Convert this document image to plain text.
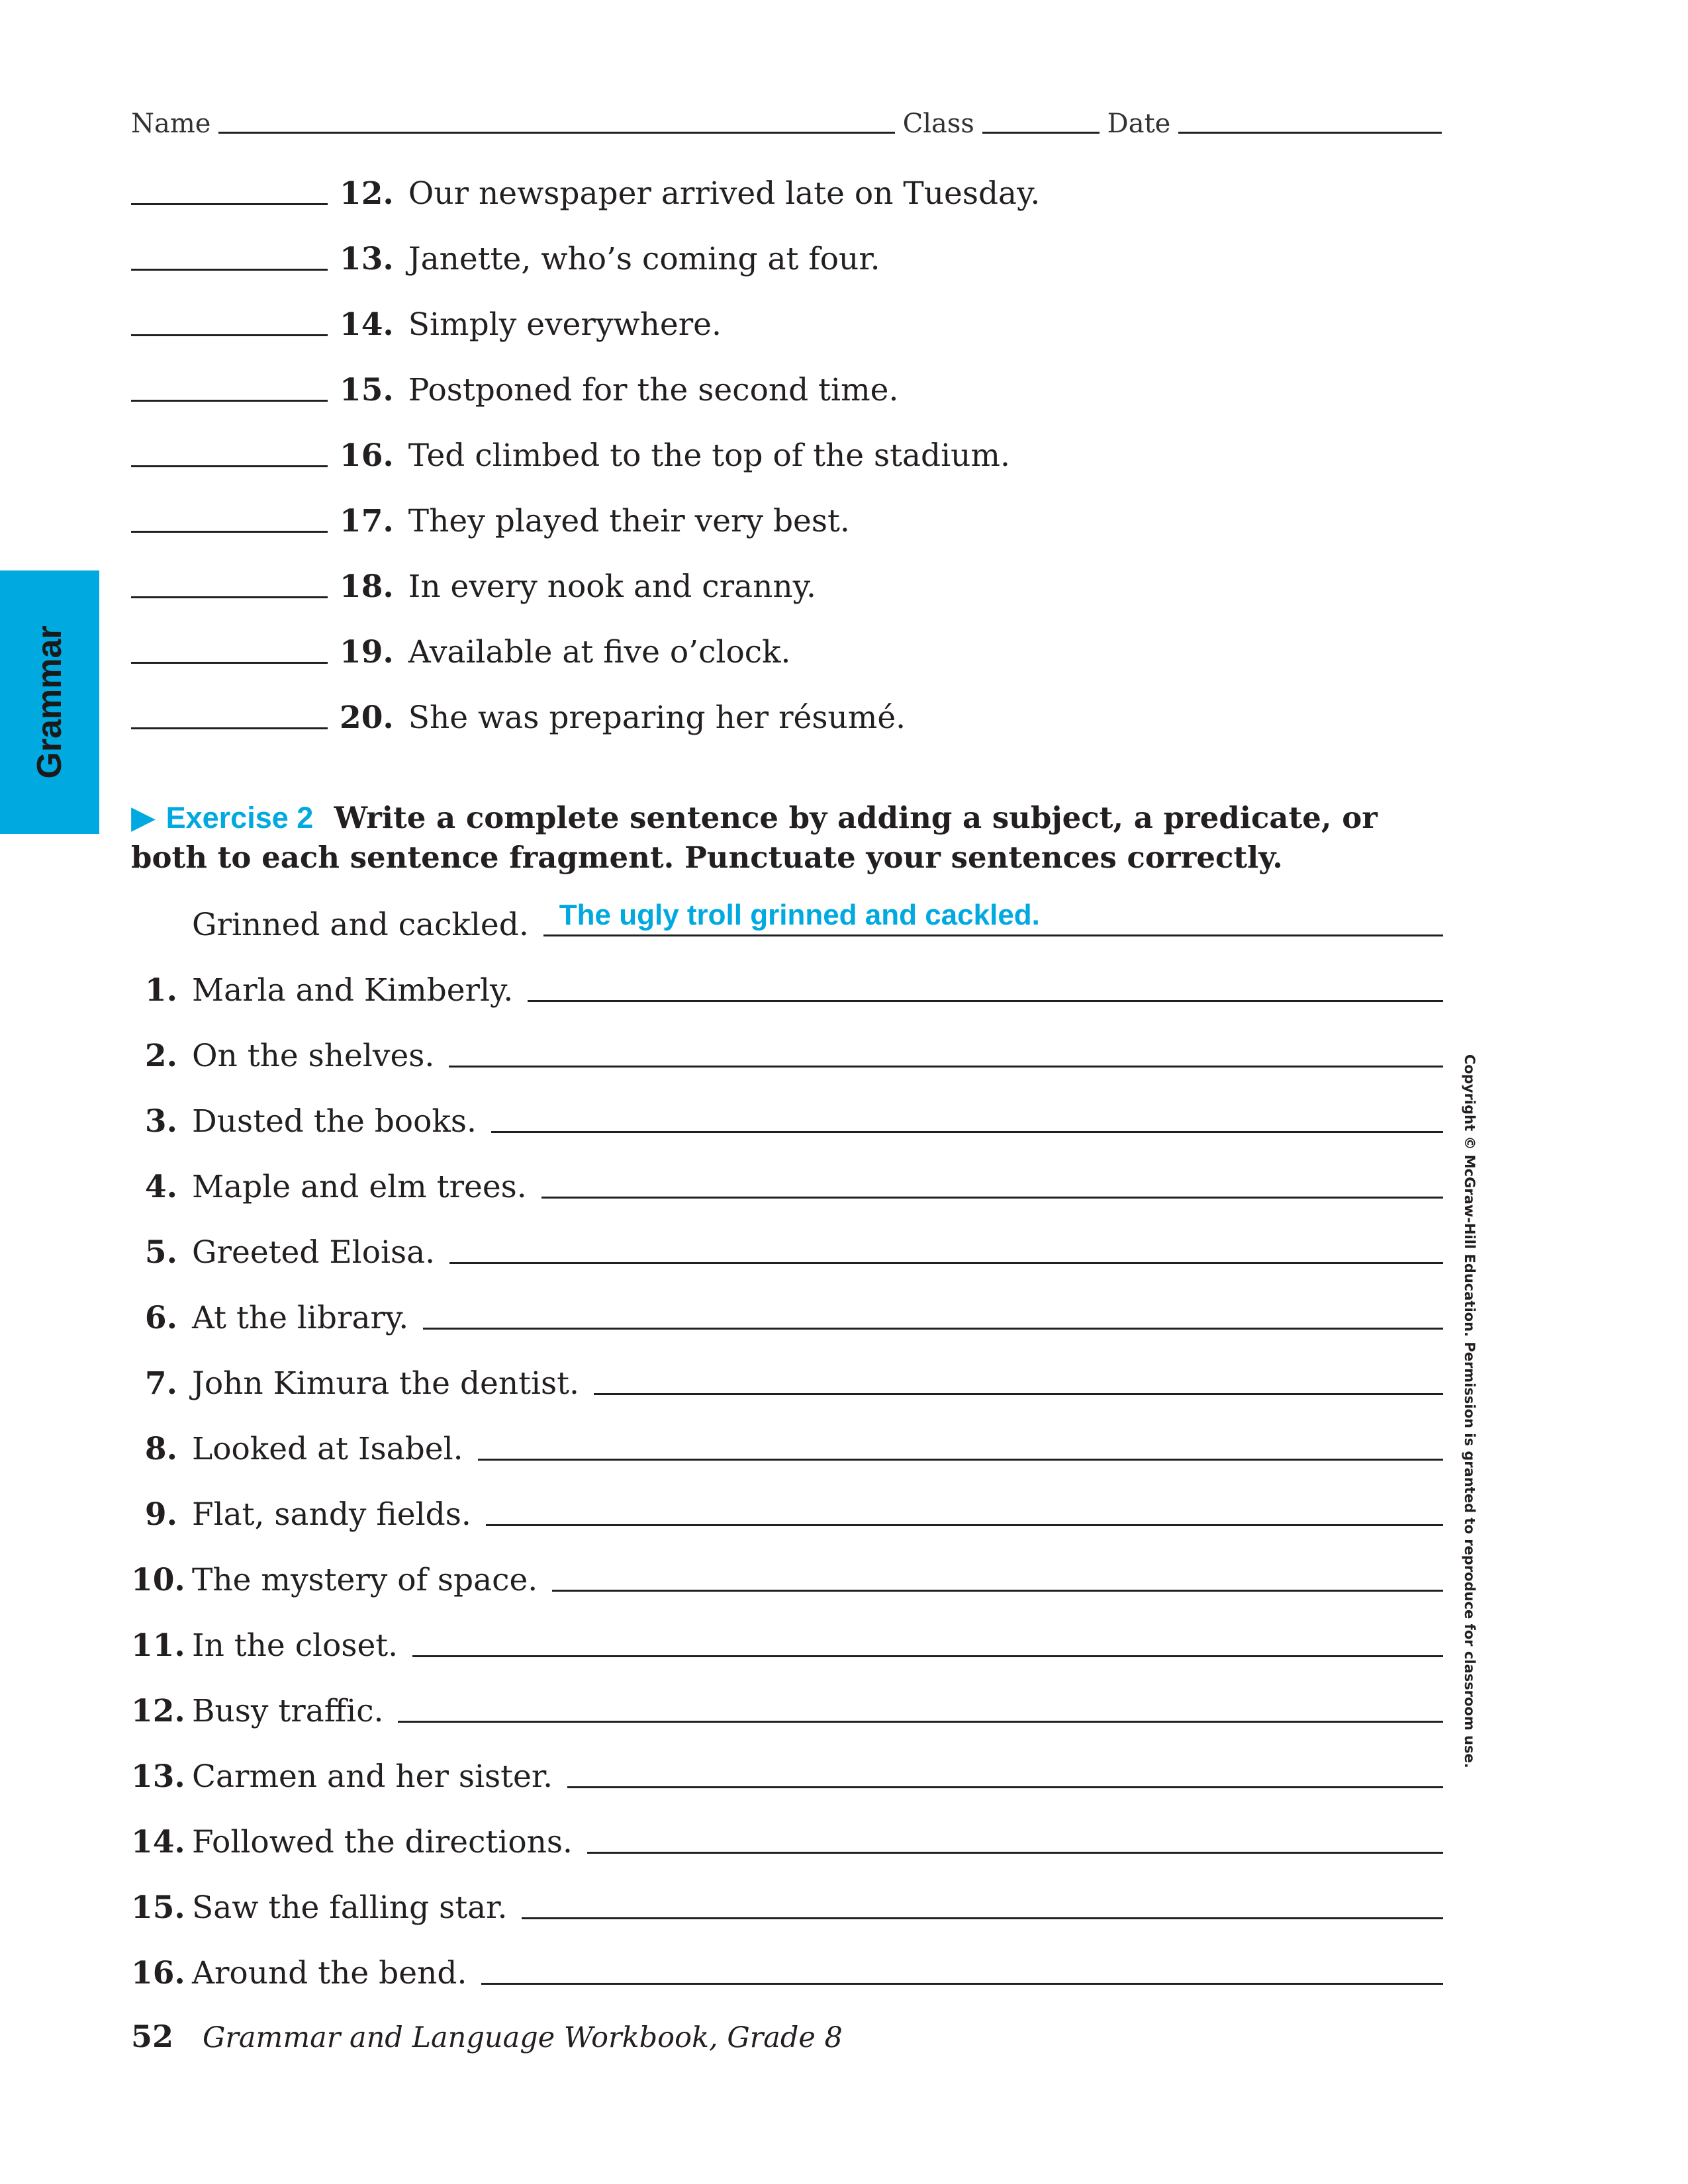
Name	Class	Date
Grammar
12. Our newspaper arrived late on Tuesday.
13. Janette, who’s coming at four.
14. Simply everywhere.
15. Postponed for the second time.
16. Ted climbed to the top of the stadium.
17. They played their very best.
18. In every nook and cranny.
19. Available at five o’clock.
20. She was preparing her résumé.
▶ Exercise 2 Write a complete sentence by adding a subject, a predicate, or both to each sentence fragment. Punctuate your sentences correctly.
Grinned and cackled. The ugly troll grinned and cackled.
1. Marla and Kimberly.
2. On the shelves.
3. Dusted the books.
4. Maple and elm trees.
5. Greeted Eloisa.
6. At the library.
7. John Kimura the dentist.
8. Looked at Isabel.
9. Flat, sandy fields.
10. The mystery of space.
11. In the closet.
12. Busy traffic.
13. Carmen and her sister.
14. Followed the directions.
15. Saw the falling star.
16. Around the bend.
Copyright © McGraw-Hill Education. Permission is granted to reproduce for classroom use.
52 Grammar and Language Workbook, Grade 8
